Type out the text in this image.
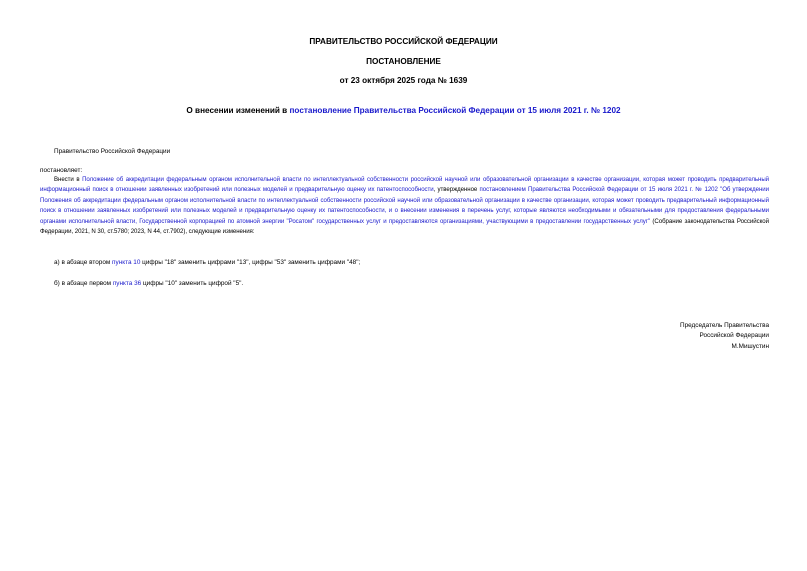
ПРАВИТЕЛЬСТВО РОССИЙСКОЙ ФЕДЕРАЦИИ
ПОСТАНОВЛЕНИЕ
от 23 октября 2025 года № 1639
О внесении изменений в постановление Правительства Российской Федерации от 15 июля 2021 г. № 1202
Правительство Российской Федерации
постановляет:
Внести в Положение об аккредитации федеральным органом исполнительной власти по интеллектуальной собственности российской научной или образовательной организации в качестве организации, которая может проводить предварительный информационный поиск в отношении заявленных изобретений или полезных моделей и предварительную оценку их патентоспособности, утвержденное постановлением Правительства Российской Федерации от 15 июля 2021 г. № 1202 "Об утверждении Положения об аккредитации федеральным органом исполнительной власти по интеллектуальной собственности российской научной или образовательной организации в качестве организации, которая может проводить предварительный информационный поиск в отношении заявленных изобретений или полезных моделей и предварительную оценку их патентоспособности, и о внесении изменения в перечень услуг, которые являются необходимыми и обязательными для предоставления федеральными органами исполнительной власти, Государственной корпорацией по атомной энергии "Росатом" государственных услуг и предоставляются организациями, участвующими в предоставлении государственных услуг" (Собрание законодательства Российской Федерации, 2021, N 30, ст.5780; 2023, N 44, ст.7902), следующие изменения:
а) в абзаце втором пункта 10 цифры "18" заменить цифрами "13", цифры "53" заменить цифрами "48";
б) в абзаце первом пункта 36 цифры "10" заменить цифрой "5".
Председатель Правительства
Российской Федерации
М.Мишустин
